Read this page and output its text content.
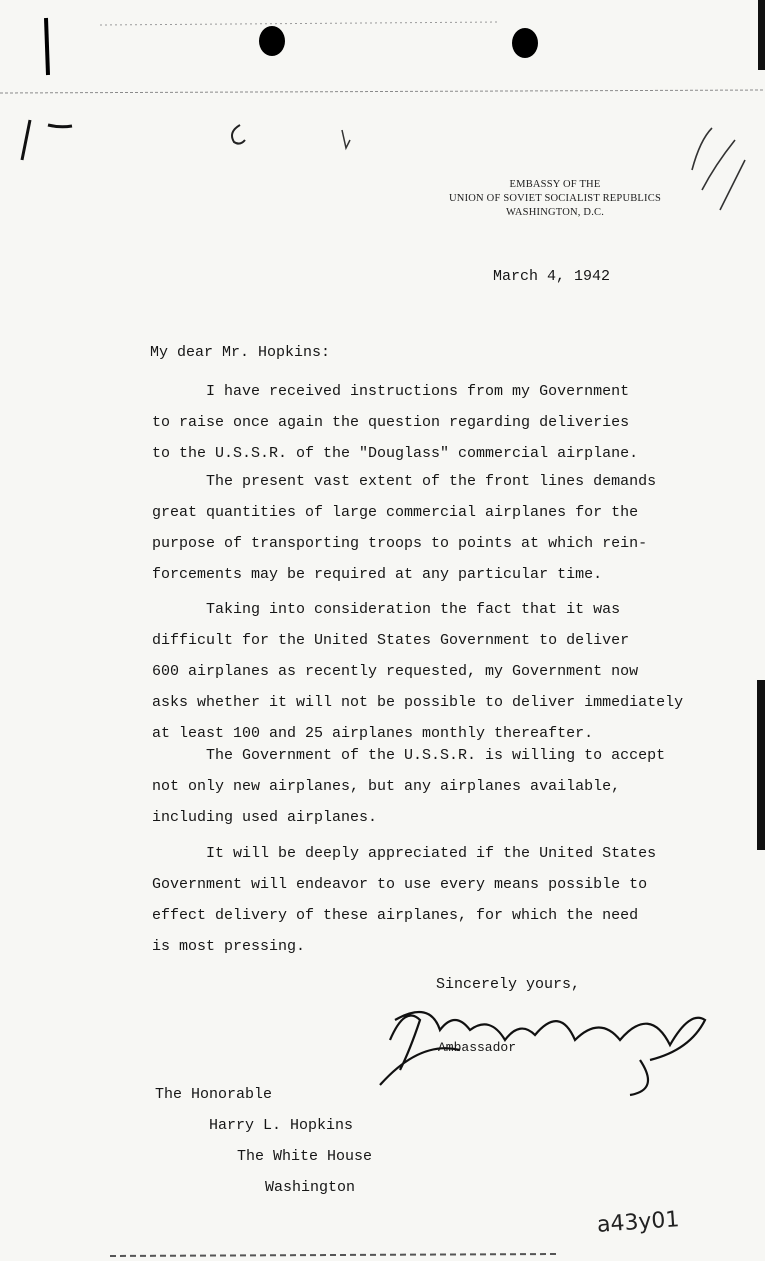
EMBASSY OF THE
UNION OF SOVIET SOCIALIST REPUBLICS
WASHINGTON, D.C.
March 4, 1942
My dear Mr. Hopkins:
I have received instructions from my Government
to raise once again the question regarding deliveries
to the U.S.S.R. of the "Douglass" commercial airplane.
The present vast extent of the front lines demands
great quantities of large commercial airplanes for the
purpose of transporting troops to points at which rein-
forcements may be required at any particular time.
Taking into consideration the fact that it was
difficult for the United States Government to deliver
600 airplanes as recently requested, my Government now
asks whether it will not be possible to deliver immediately
at least 100 and 25 airplanes monthly thereafter.
The Government of the U.S.S.R. is willing to accept
not only new airplanes, but any airplanes available,
including used airplanes.
It will be deeply appreciated if the United States
Government will endeavor to use every means possible to
effect delivery of these airplanes, for which the need
is most pressing.
Sincerely yours,
Ambassador
The Honorable
Harry L. Hopkins
The White House
Washington
a43y01
